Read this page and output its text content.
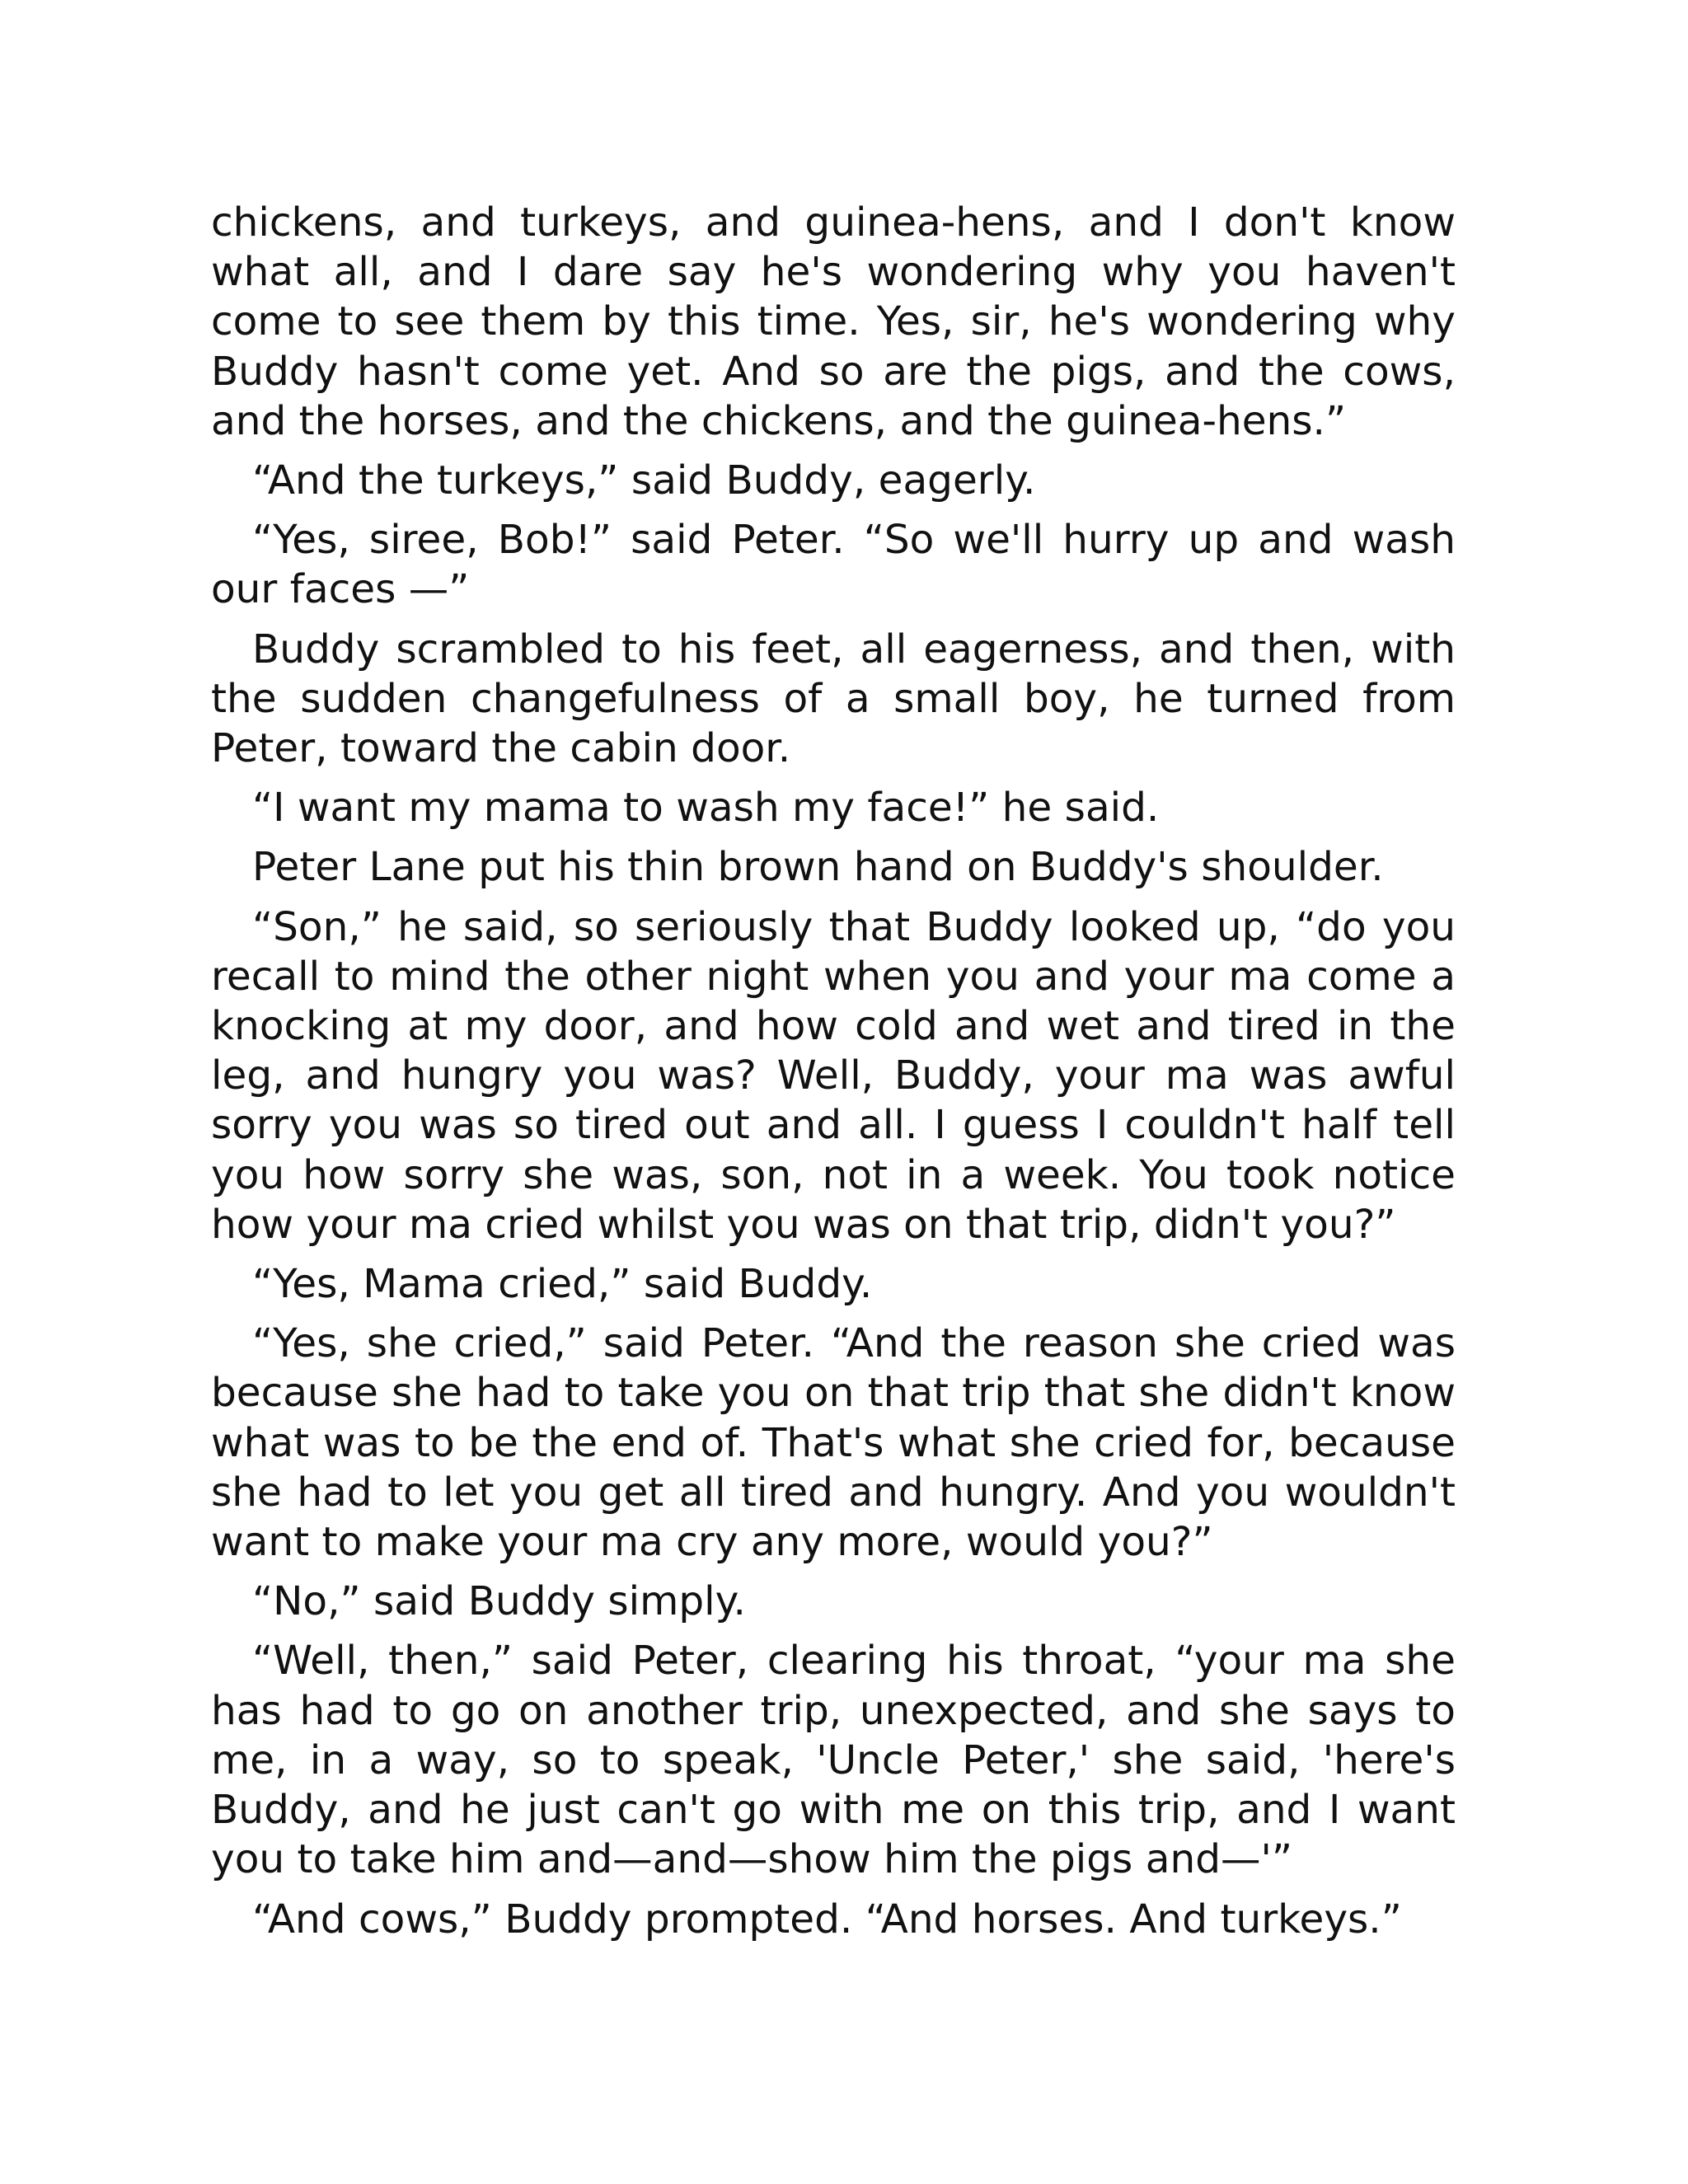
chickens, and turkeys, and guinea-hens, and I don't know what all, and I dare say he's wondering why you haven't come to see them by this time. Yes, sir, he's wondering why Buddy hasn't come yet. And so are the pigs, and the cows, and the horses, and the chickens, and the guinea-hens.”

“And the turkeys,” said Buddy, eagerly.

“Yes, siree, Bob!” said Peter. “So we'll hurry up and wash our faces —”

Buddy scrambled to his feet, all eagerness, and then, with the sudden changefulness of a small boy, he turned from Peter, toward the cabin door.

“I want my mama to wash my face!” he said.

Peter Lane put his thin brown hand on Buddy's shoulder.

“Son,” he said, so seriously that Buddy looked up, “do you recall to mind the other night when you and your ma come a knocking at my door, and how cold and wet and tired in the leg, and hungry you was? Well, Buddy, your ma was awful sorry you was so tired out and all. I guess I couldn't half tell you how sorry she was, son, not in a week. You took notice how your ma cried whilst you was on that trip, didn't you?”

“Yes, Mama cried,” said Buddy.

“Yes, she cried,” said Peter. “And the reason she cried was because she had to take you on that trip that she didn't know what was to be the end of. That's what she cried for, because she had to let you get all tired and hungry. And you wouldn't want to make your ma cry any more, would you?”

“No,” said Buddy simply.

“Well, then,” said Peter, clearing his throat, “your ma she has had to go on another trip, unexpected, and she says to me, in a way, so to speak, 'Uncle Peter,' she said, 'here's Buddy, and he just can't go with me on this trip, and I want you to take him and—and—show him the pigs and—'”

“And cows,” Buddy prompted. “And horses. And turkeys.”
